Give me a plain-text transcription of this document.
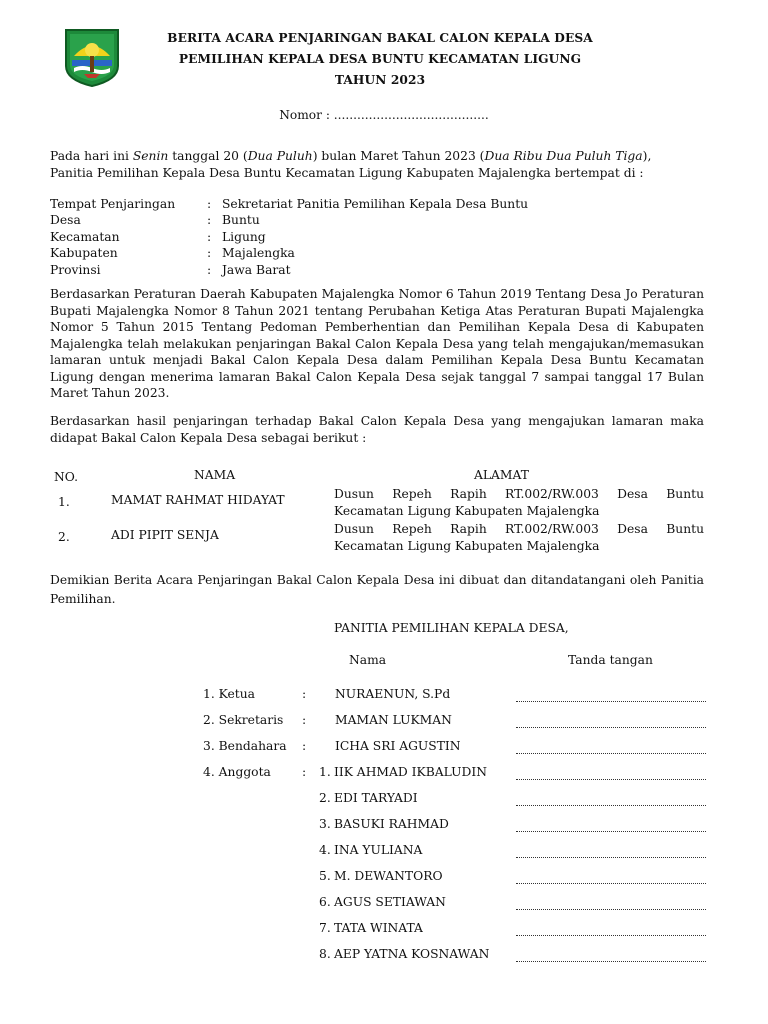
BERITA ACARA PENJARINGAN BAKAL CALON KEPALA DESA
PEMILIHAN KEPALA DESA BUNTU KECAMATAN LIGUNG
TAHUN 2023
Nomor : ........................................
Pada hari ini Senin tanggal 20 (Dua Puluh) bulan Maret Tahun 2023 (Dua Ribu Dua Puluh Tiga),
Panitia Pemilihan Kepala Desa Buntu Kecamatan Ligung Kabupaten Majalengka bertempat di :
Tempat Penjaringan	: Sekretariat Panitia Pemilihan Kepala Desa Buntu
Desa	: Buntu
Kecamatan	: Ligung
Kabupaten	: Majalengka
Provinsi	: Jawa Barat
Berdasarkan Peraturan Daerah Kabupaten Majalengka Nomor 6 Tahun 2019 Tentang Desa Jo Peraturan Bupati Majalengka Nomor 8 Tahun 2021 tentang Perubahan Ketiga Atas Peraturan Bupati Majalengka Nomor 5 Tahun 2015 Tentang Pedoman Pemberhentian dan Pemilihan Kepala Desa di Kabupaten Majalengka telah melakukan penjaringan Bakal Calon Kepala Desa yang telah mengajukan/memasukan lamaran untuk menjadi Bakal Calon Kepala Desa dalam Pemilihan Kepala Desa Buntu Kecamatan Ligung dengan menerima lamaran Bakal Calon Kepala Desa sejak tanggal 7 sampai tanggal 17 Bulan Maret Tahun 2023.
Berdasarkan hasil penjaringan terhadap Bakal Calon Kepala Desa yang mengajukan lamaran maka didapat Bakal Calon Kepala Desa sebagai berikut :
NO.	NAMA	ALAMAT
1.	MAMAT RAHMAT HIDAYAT	Dusun Repeh Rapih RT.002/RW.003 Desa Buntu
Kecamatan Ligung Kabupaten Majalengka
2.	ADI PIPIT SENJA	Dusun Repeh Rapih RT.002/RW.003 Desa Buntu
Kecamatan Ligung Kabupaten Majalengka
Demikian Berita Acara Penjaringan Bakal Calon Kepala Desa ini dibuat dan ditandatangani oleh Panitia Pemilihan.
PANITIA PEMILIHAN KEPALA DESA,
Nama	Tanda tangan
1. Ketua	: NURAENUN, S.Pd
2. Sekretaris : MAMAN LUKMAN
3. Bendahara : ICHA SRI AGUSTIN
4. Anggota	: 1. IIK AHMAD IKBALUDIN
2. EDI TARYADI
3. BASUKI RAHMAD
4. INA YULIANA
5. M. DEWANTORO
6. AGUS SETIAWAN
7. TATA WINATA
8. AEP YATNA KOSNAWAN
